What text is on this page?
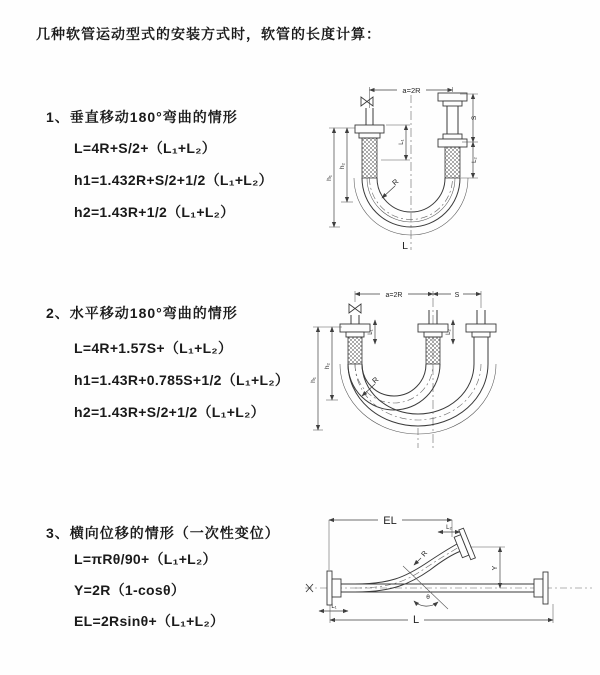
几种软管运动型式的安装方式时，软管的长度计算：
1、垂直移动180°弯曲的情形
L=4R+S/2+（L₁+L₂）
h1=1.432R+S/2+1/2（L₁+L₂）
h2=1.43R+1/2（L₁+L₂）
a=2R
R
L
h₁
h₂
L₁
S
L₂
2、水平移动180°弯曲的情形
L=4R+1.57S+（L₁+L₂）
h1=1.43R+0.785S+1/2（L₁+L₂）
h2=1.43R+S/2+1/2（L₁+L₂）
a=2R	S
R
h₁
h₂
L₁	L₂
3、横向位移的情形（一次性变位）
L=πRθ/90+（L₁+L₂）
Y=2R（1-cosθ）
EL=2Rsinθ+（L₁+L₂）
EL
L₂
Y
R
θ
L₁
L
